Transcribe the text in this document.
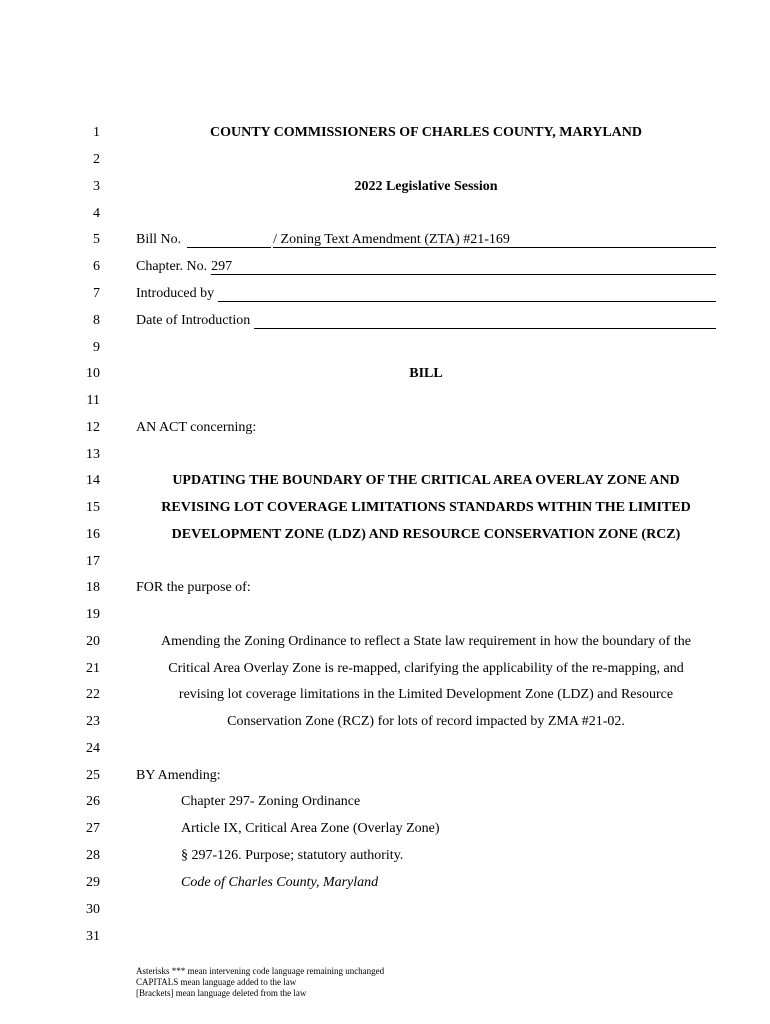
1
2
3
4
5
6
7
8
9
10
11
12
13
14
15
16
17
18
19
20
21
22
23
24
25
26
27
28
29
30
31
COUNTY COMMISSIONERS OF CHARLES COUNTY, MARYLAND
2022 Legislative Session
Bill No.	/ Zoning Text Amendment (ZTA) #21-169
Chapter. No. 297
Introduced by
Date of Introduction
BILL
AN ACT concerning:
UPDATING THE BOUNDARY OF THE CRITICAL AREA OVERLAY ZONE AND
REVISING LOT COVERAGE LIMITATIONS STANDARDS WITHIN THE LIMITED
DEVELOPMENT ZONE (LDZ) AND RESOURCE CONSERVATION ZONE (RCZ)
FOR the purpose of:
Amending the Zoning Ordinance to reflect a State law requirement in how the boundary of the
Critical Area Overlay Zone is re-mapped, clarifying the applicability of the re-mapping, and
revising lot coverage limitations in the Limited Development Zone (LDZ) and Resource
Conservation Zone (RCZ) for lots of record impacted by ZMA #21-02.
BY Amending:
Chapter 297- Zoning Ordinance
Article IX, Critical Area Zone (Overlay Zone)
§ 297-126. Purpose; statutory authority.
Code of Charles County, Maryland
Asterisks *** mean intervening code language remaining unchanged
CAPITALS mean language added to the law
[Brackets] mean language deleted from the law
